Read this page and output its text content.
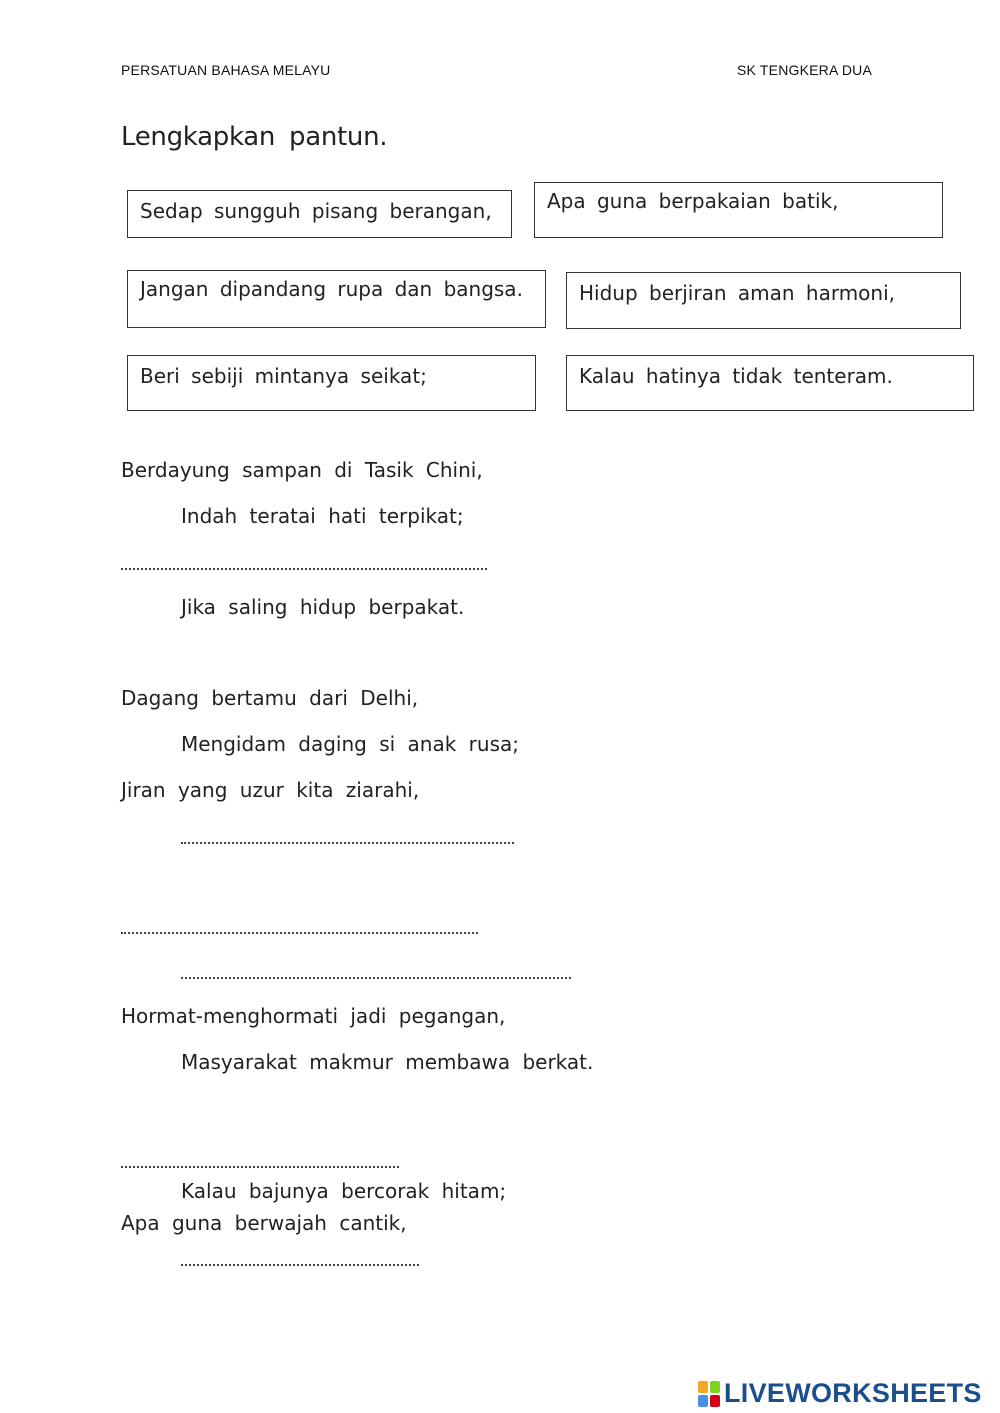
PERSATUAN BAHASA MELAYU	SK TENGKERA DUA
Lengkapkan pantun.
Sedap sungguh pisang berangan,	Apa guna berpakaian batik,
Jangan dipandang rupa dan bangsa.	Hidup berjiran aman harmoni,
Beri sebiji mintanya seikat;	Kalau hatinya tidak tenteram.
Berdayung sampan di Tasik Chini,
Indah teratai hati terpikat;
Jika saling hidup berpakat.
Dagang bertamu dari Delhi,
Mengidam daging si anak rusa;
Jiran yang uzur kita ziarahi,
Hormat-menghormati jadi pegangan,
Masyarakat makmur membawa berkat.
Kalau bajunya bercorak hitam;
Apa guna berwajah cantik,
LIVEWORKSHEETS
